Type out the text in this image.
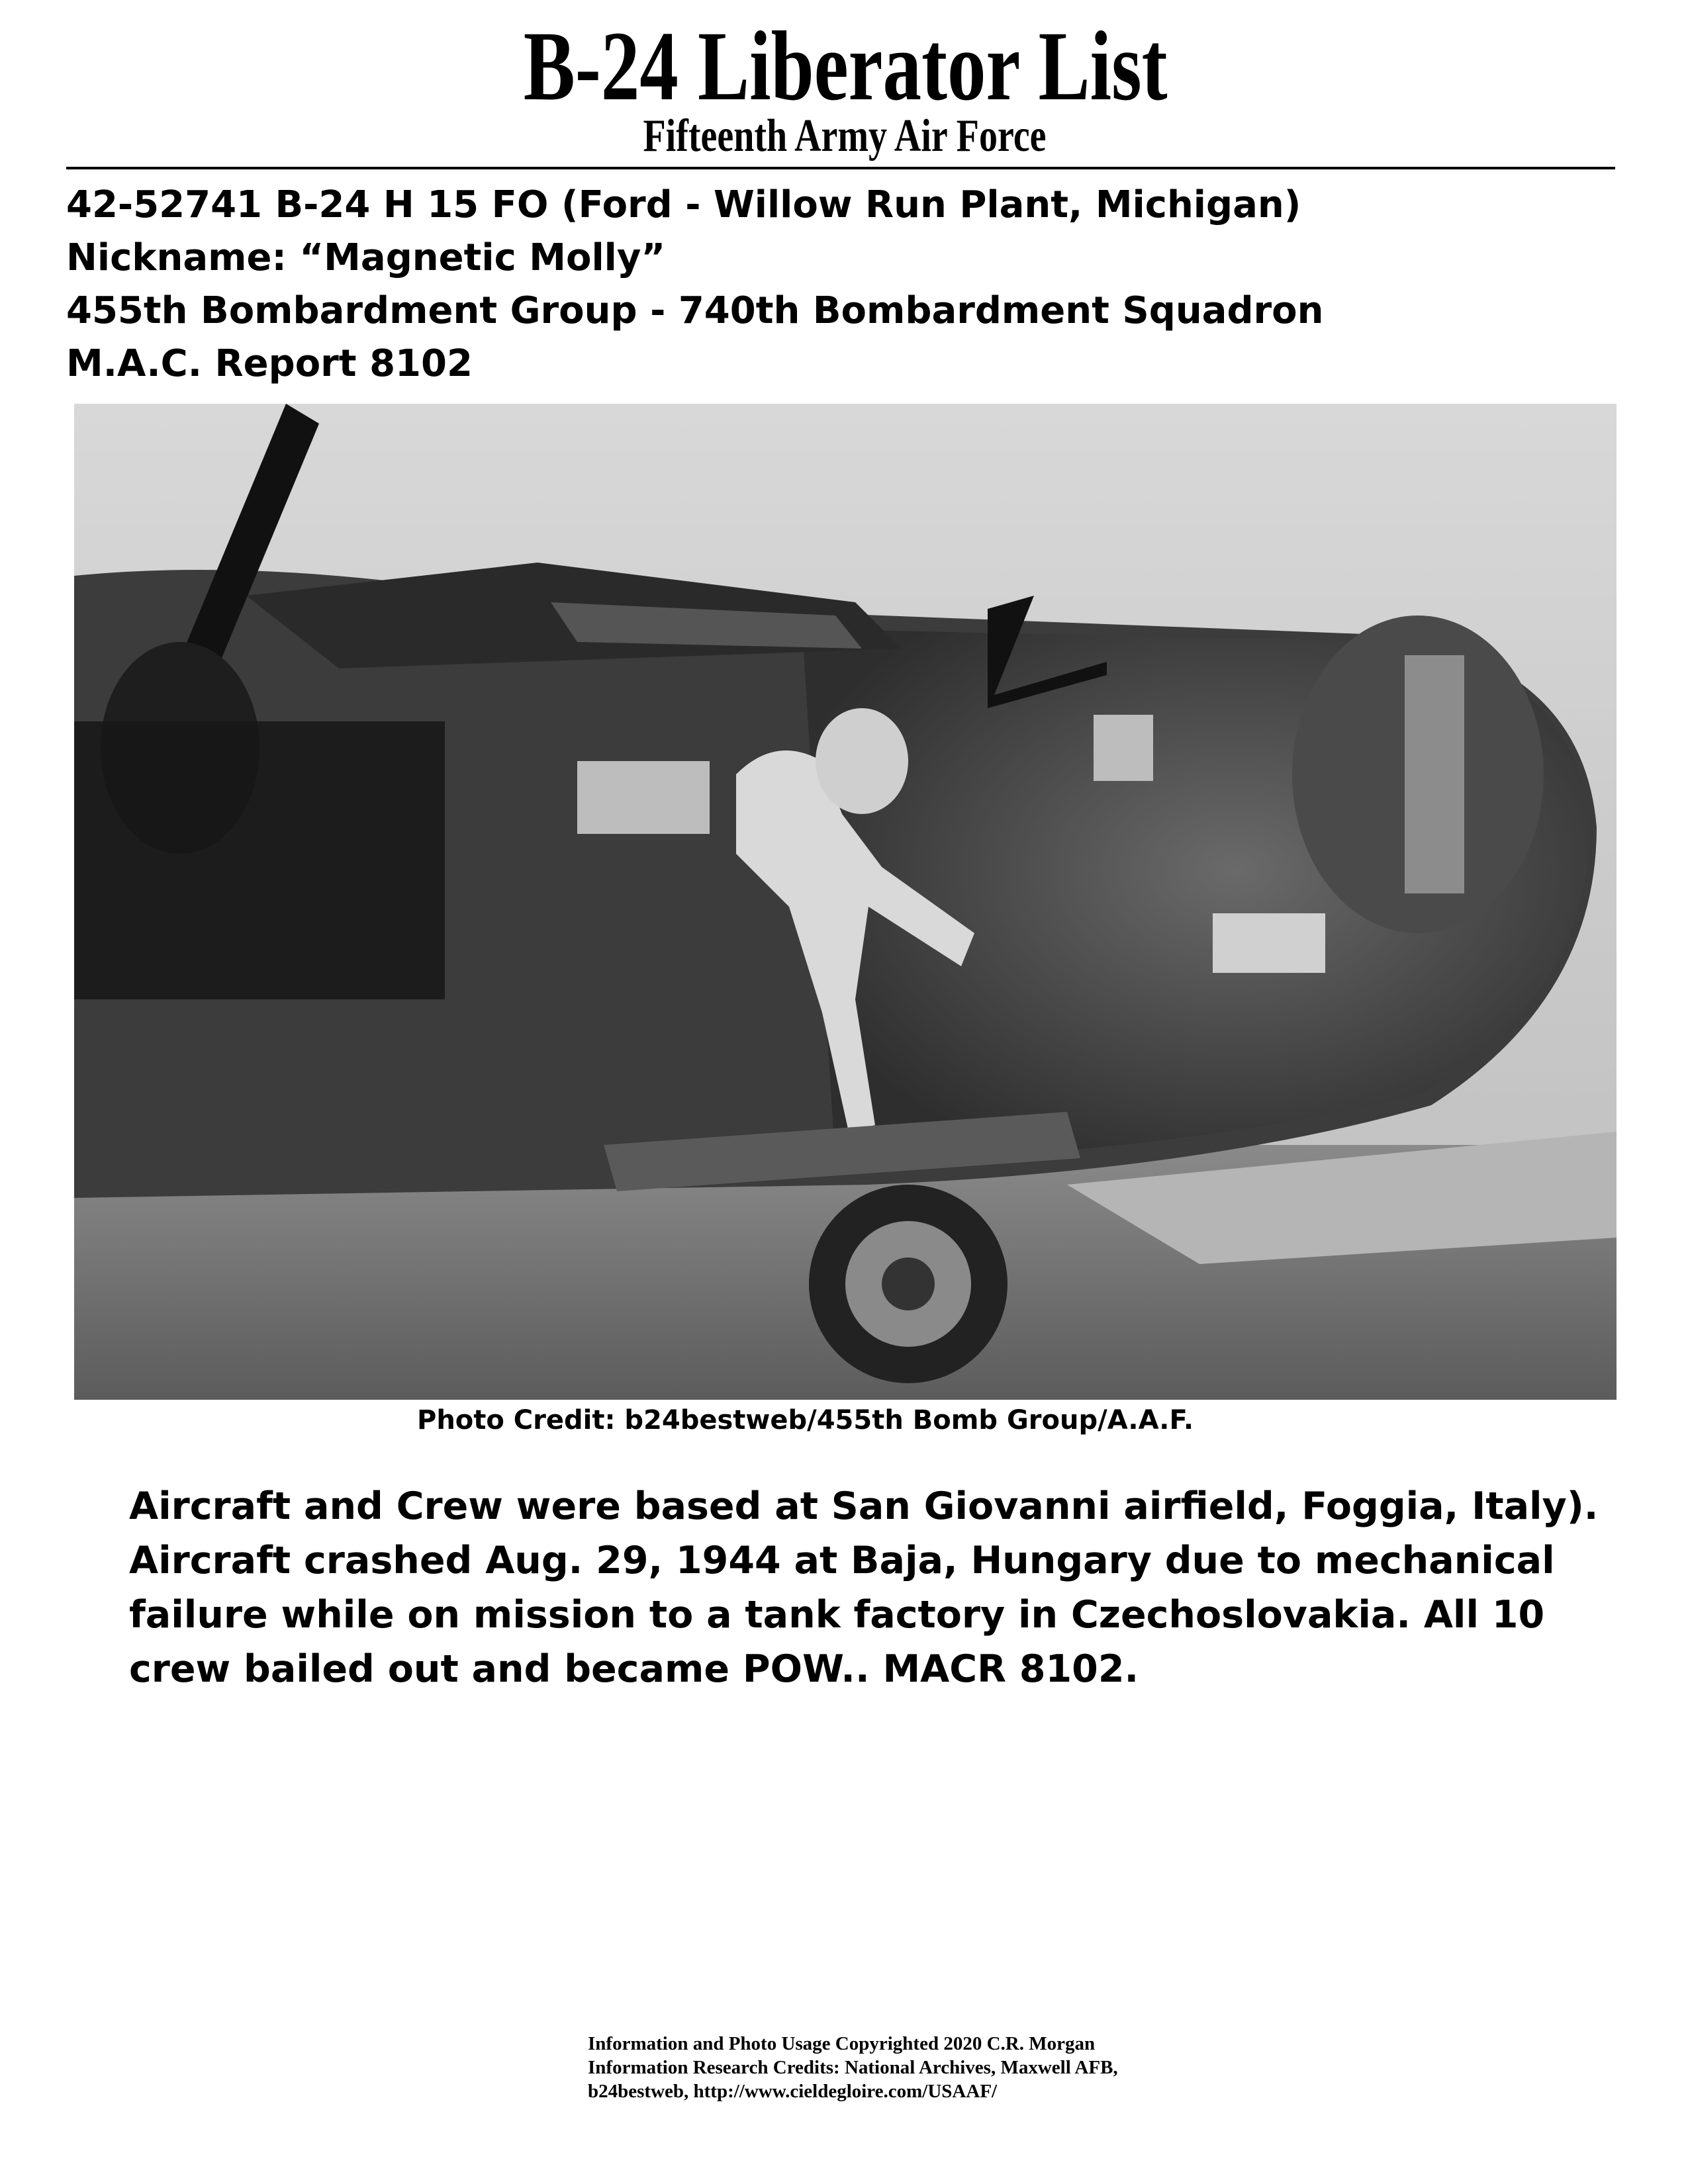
B-24 Liberator List
Fifteenth Army Air Force
42-52741 B-24 H 15 FO (Ford - Willow Run Plant, Michigan)
Nickname: “Magnetic Molly”
455th Bombardment Group - 740th Bombardment Squadron
M.A.C. Report 8102
Photo Credit: b24bestweb/455th Bomb Group/A.A.F.
Aircraft and Crew were based at San Giovanni airfield, Foggia, Italy).
Aircraft crashed Aug. 29, 1944 at Baja, Hungary due to mechanical
failure while on mission to a tank factory in Czechoslovakia. All 10
crew bailed out and became POW.. MACR 8102.
Information and Photo Usage Copyrighted 2020 C.R. Morgan
Information Research Credits: National Archives, Maxwell AFB,
b24bestweb, http://www.cieldegloire.com/USAAF/
